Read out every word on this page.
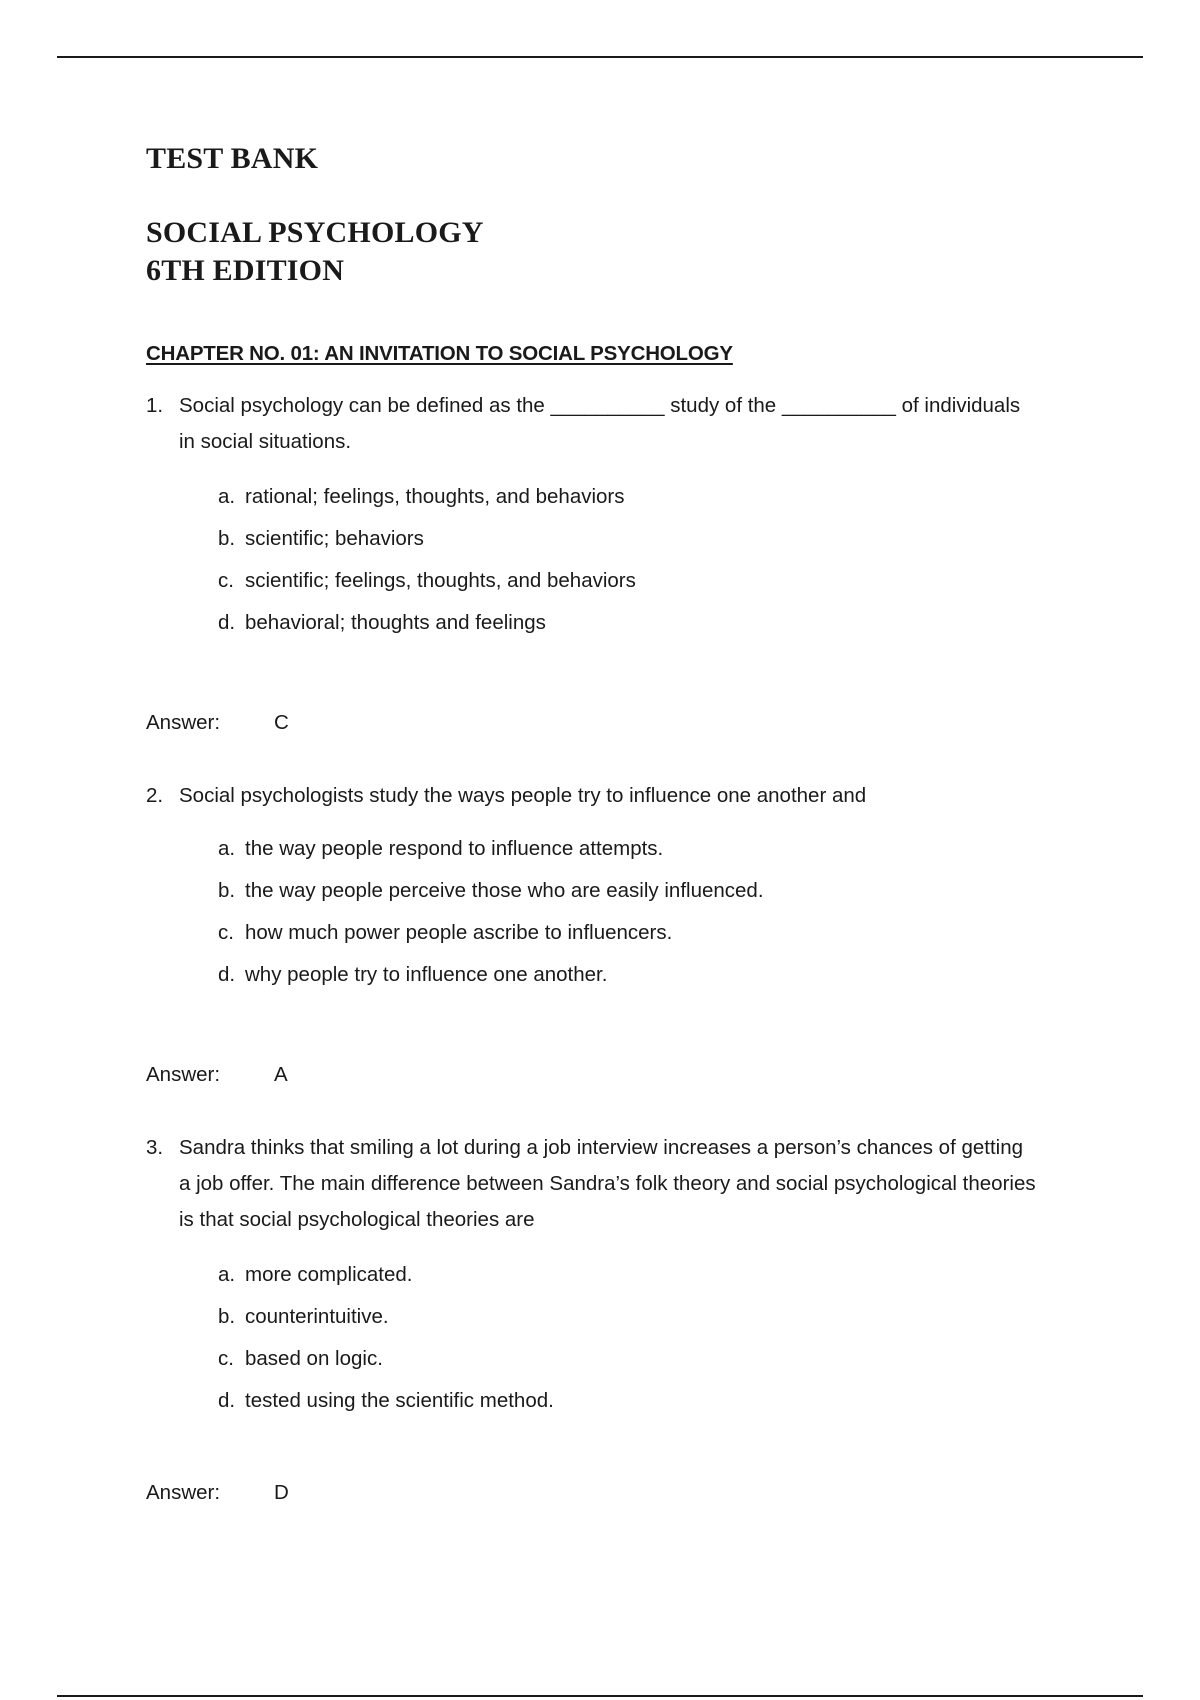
TEST BANK
SOCIAL PSYCHOLOGY
6TH EDITION
CHAPTER NO. 01: AN INVITATION TO SOCIAL PSYCHOLOGY
1. Social psychology can be defined as the __________ study of the __________ of individuals in social situations.
a. rational; feelings, thoughts, and behaviors
b. scientific; behaviors
c. scientific; feelings, thoughts, and behaviors
d. behavioral; thoughts and feelings
Answer:	C
2. Social psychologists study the ways people try to influence one another and
a. the way people respond to influence attempts.
b. the way people perceive those who are easily influenced.
c. how much power people ascribe to influencers.
d. why people try to influence one another.
Answer:	A
3. Sandra thinks that smiling a lot during a job interview increases a person’s chances of getting a job offer. The main difference between Sandra’s folk theory and social psychological theories is that social psychological theories are
a. more complicated.
b. counterintuitive.
c. based on logic.
d. tested using the scientific method.
Answer:	D
